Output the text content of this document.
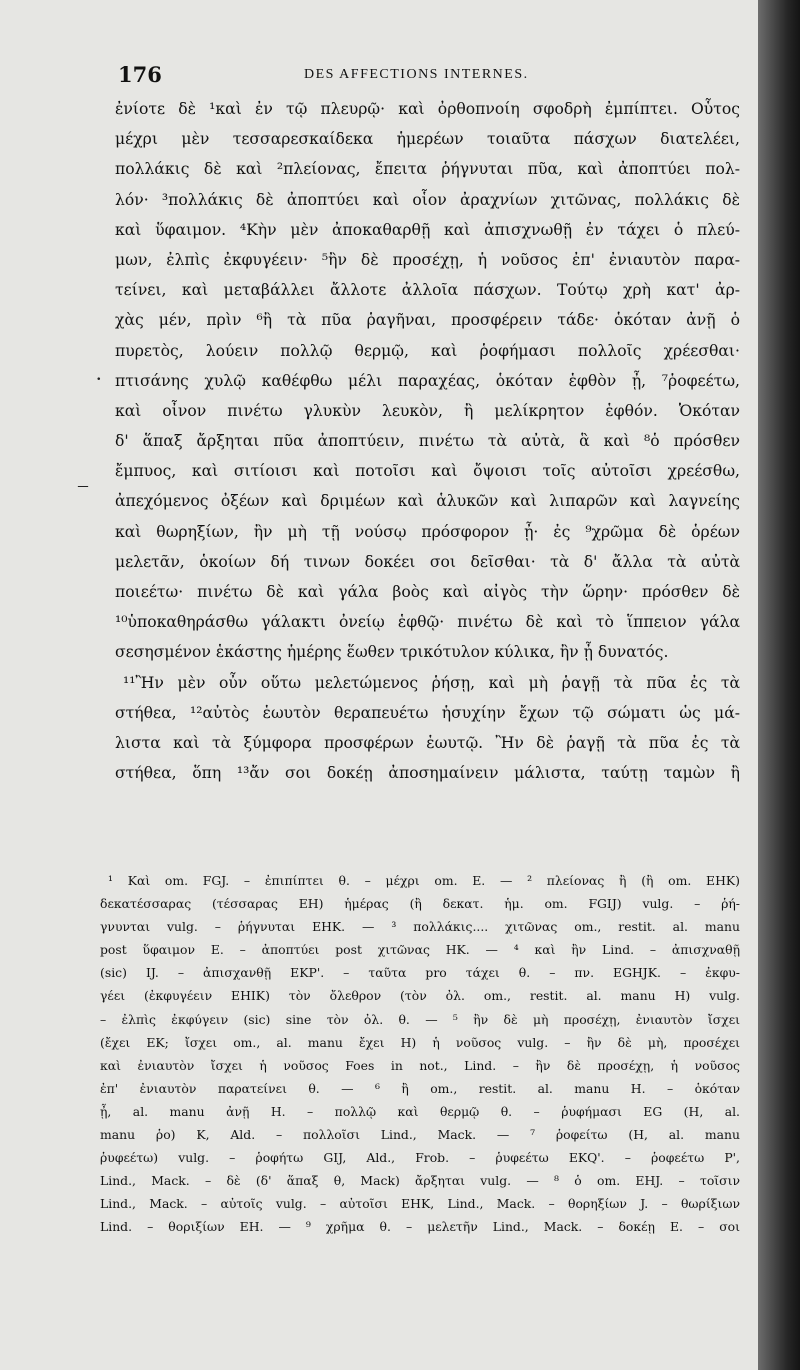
176	DES AFFECTIONS INTERNES.
ἐνίοτε δὲ ¹καὶ ἐν τῷ πλευρῷ· καὶ ὀρθοπνοίη σφοδρὴ ἐμπίπτει. Οὗτος
μέχρι μὲν τεσσαρεσκαίδεκα ἡμερέων τοιαῦτα πάσχων διατελέει,
πολλάκις δὲ καὶ ²πλείονας, ἔπειτα ῥήγνυται πῦα, καὶ ἀποπτύει πολ-
λόν· ³πολλάκις δὲ ἀποπτύει καὶ οἷον ἀραχνίων χιτῶνας, πολλάκις δὲ
καὶ ὕφαιμον. ⁴Κὴν μὲν ἀποκαθαρθῇ καὶ ἀπισχνωθῇ ἐν τάχει ὁ πλεύ-
μων, ἐλπὶς ἐκφυγέειν· ⁵ἢν δὲ προσέχῃ, ἡ νοῦσος ἐπ' ἐνιαυτὸν παρα-
τείνει, καὶ μεταβάλλει ἄλλοτε ἀλλοῖα πάσχων. Τούτῳ χρὴ κατ' ἀρ-
χὰς μέν, πρὶν ⁶ἢ τὰ πῦα ῥαγῆναι, προσφέρειν τάδε· ὁκόταν ἀνῇ ὁ
πυρετὸς, λούειν πολλῷ θερμῷ, καὶ ῥοφήμασι πολλοῖς χρέεσθαι·
πτισάνης χυλῷ καθέφθω μέλι παραχέας, ὁκόταν ἑφθὸν ᾖ, ⁷ῥοφεέτω,
καὶ οἶνον πινέτω γλυκὺν λευκὸν, ἢ μελίκρητον ἑφθόν. Ὁκόταν
δ' ἅπαξ ἄρξηται πῦα ἀποπτύειν, πινέτω τὰ αὐτὰ, ἃ καὶ ⁸ὁ πρόσθεν
ἔμπυος, καὶ σιτίοισι καὶ ποτοῖσι καὶ ὄψοισι τοῖς αὐτοῖσι χρεέσθω,
ἀπεχόμενος ὀξέων καὶ δριμέων καὶ ἁλυκῶν καὶ λιπαρῶν καὶ λαγνείης
καὶ θωρηξίων, ἢν μὴ τῇ νούσῳ πρόσφορον ᾖ· ἐς ⁹χρῶμα δὲ ὁρέων
μελετᾶν, ὁκοίων δή τινων δοκέει σοι δεῖσθαι· τὰ δ' ἄλλα τὰ αὐτὰ
ποιεέτω· πινέτω δὲ καὶ γάλα βοὸς καὶ αἰγὸς τὴν ὥρην· πρόσθεν δὲ
¹⁰ὑποκαθηράσθω γάλακτι ὀνείῳ ἑφθῷ· πινέτω δὲ καὶ τὸ ἵππειον γάλα
σεσησμένον ἑκάστης ἡμέρης ἕωθεν τρικότυλον κύλικα, ἢν ᾖ δυνατός.
¹¹Ἢν μὲν οὖν οὕτω μελετώμενος ῥήσῃ, καὶ μὴ ῥαγῇ τὰ πῦα ἐς τὰ
στήθεα, ¹²αὐτὸς ἑωυτὸν θεραπευέτω ἡσυχίην ἔχων τῷ σώματι ὡς μά-
λιστα καὶ τὰ ξύμφορα προσφέρων ἑωυτῷ. Ἢν δὲ ῥαγῇ τὰ πῦα ἐς τὰ
στήθεα, ὅπη ¹³ἄν σοι δοκέῃ ἀποσημαίνειν μάλιστα, ταύτῃ ταμὼν ἢ
¹ Καὶ om. FGJ. – ἐπιπίπτει θ. – μέχρι om. E. — ² πλείονας ἢ (ἢ om. EHK)
δεκατέσσαρας (τέσσαρας EH) ἡμέρας (ἢ δεκατ. ἡμ. om. FGIJ) vulg. – ῥή-
γνυνται vulg. – ῥήγνυται EHK. — ³ πολλάκις.... χιτῶνας om., restit. al. manu
post ὕφαιμον E. – ἀποπτύει post χιτῶνας HK. — ⁴ καὶ ἢν Lind. – ἀπισχναθῇ
(sic) IJ. – ἀπισχανθῇ EKP'. – ταῦτα pro τάχει θ. – πν. EGHJK. – ἐκφυ-
γέει (ἐκφυγέειν EHIK) τὸν ὄλεθρον (τὸν ὀλ. om., restit. al. manu H) vulg.
– ἐλπὶς ἐκφύγειν (sic) sine τὸν ὀλ. θ. — ⁵ ἢν δὲ μὴ προσέχῃ, ἐνιαυτὸν ἴσχει
(ἔχει EK; ἴσχει om., al. manu ἔχει H) ἡ νοῦσος vulg. – ἢν δὲ μὴ, προσέχει
καὶ ἐνιαυτὸν ἴσχει ἡ νοῦσος Foes in not., Lind. – ἢν δὲ προσέχῃ, ἡ νοῦσος
ἐπ' ἐνιαυτὸν παρατείνει θ. — ⁶ ἢ om., restit. al. manu H. – ὁκόταν
ᾖ, al. manu ἀνῇ H. – πολλῷ καὶ θερμῷ θ. – ῥυφήμασι EG (H, al.
manu ῥο) K, Ald. – πολλοῖσι Lind., Mack. — ⁷ ῥοφείτω (H, al. manu
ῥυφεέτω) vulg. – ῥοφήτω GIJ, Ald., Frob. – ῥυφεέτω EKQ'. – ῥοφεέτω P',
Lind., Mack. – δὲ (δ' ἅπαξ θ, Mack) ἄρξηται vulg. — ⁸ ὁ om. EHJ. – τοῖσιν
Lind., Mack. – αὐτοῖς vulg. – αὐτοῖσι EHK, Lind., Mack. – θορηξίων J. – θωρίξιων
Lind. – θοριξίων EH. — ⁹ χρῆμα θ. – μελετῆν Lind., Mack. – δοκέῃ E. – σοι
.
–
